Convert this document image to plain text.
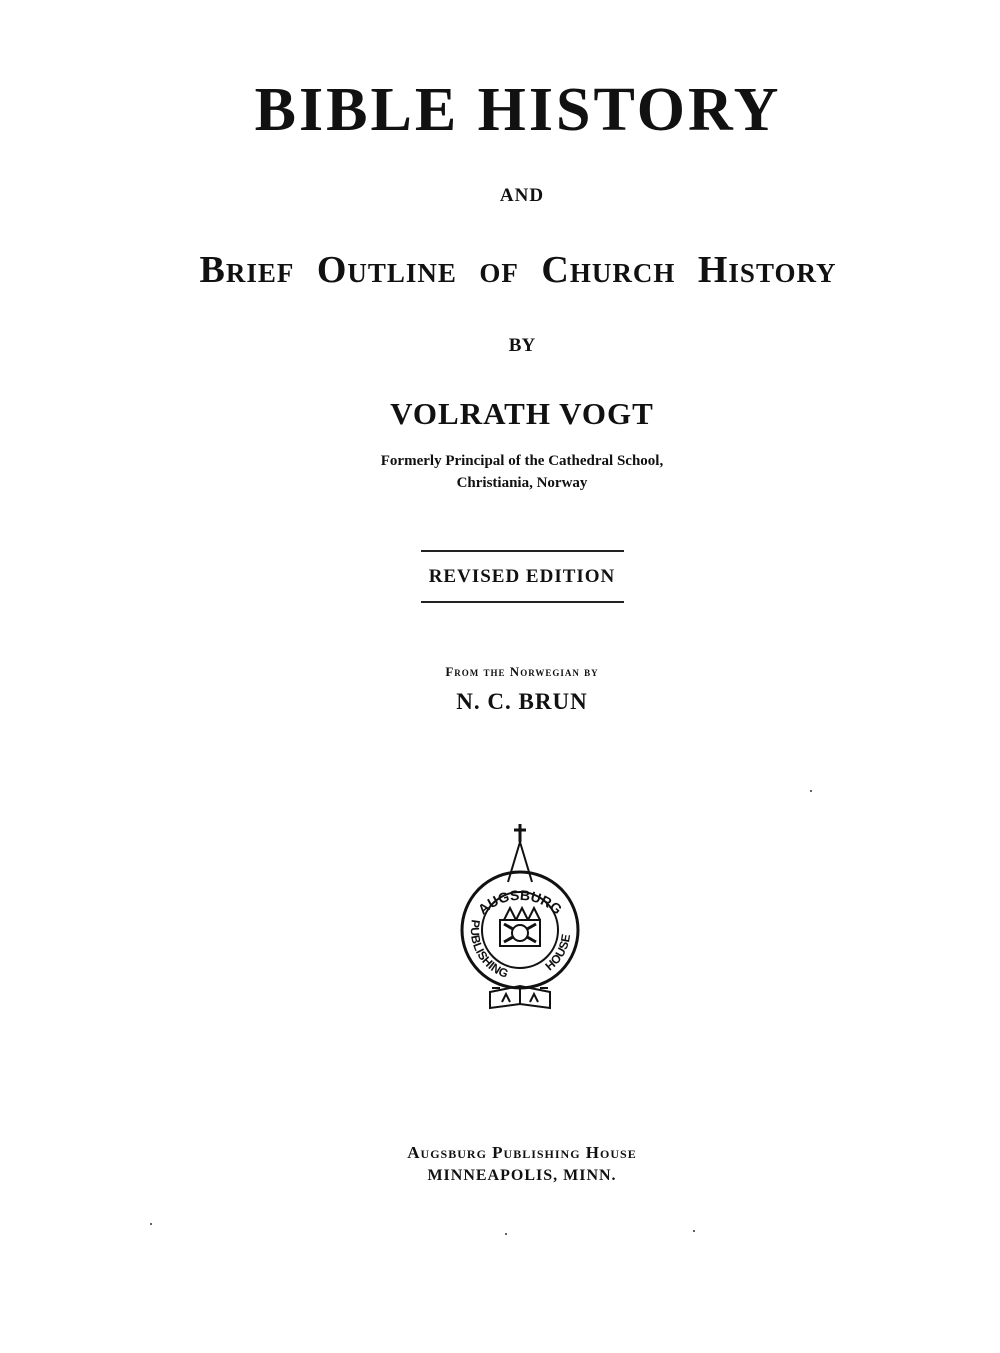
BIBLE HISTORY
AND
Brief Outline of Church History
BY
VOLRATH VOGT
Formerly Principal of the Cathedral School,
Christiania, Norway
REVISED EDITION
From the Norwegian by
N. C. BRUN
AUGSBURG
PUBLISHING	HOUSE
Augsburg Publishing House
MINNEAPOLIS, MINN.
